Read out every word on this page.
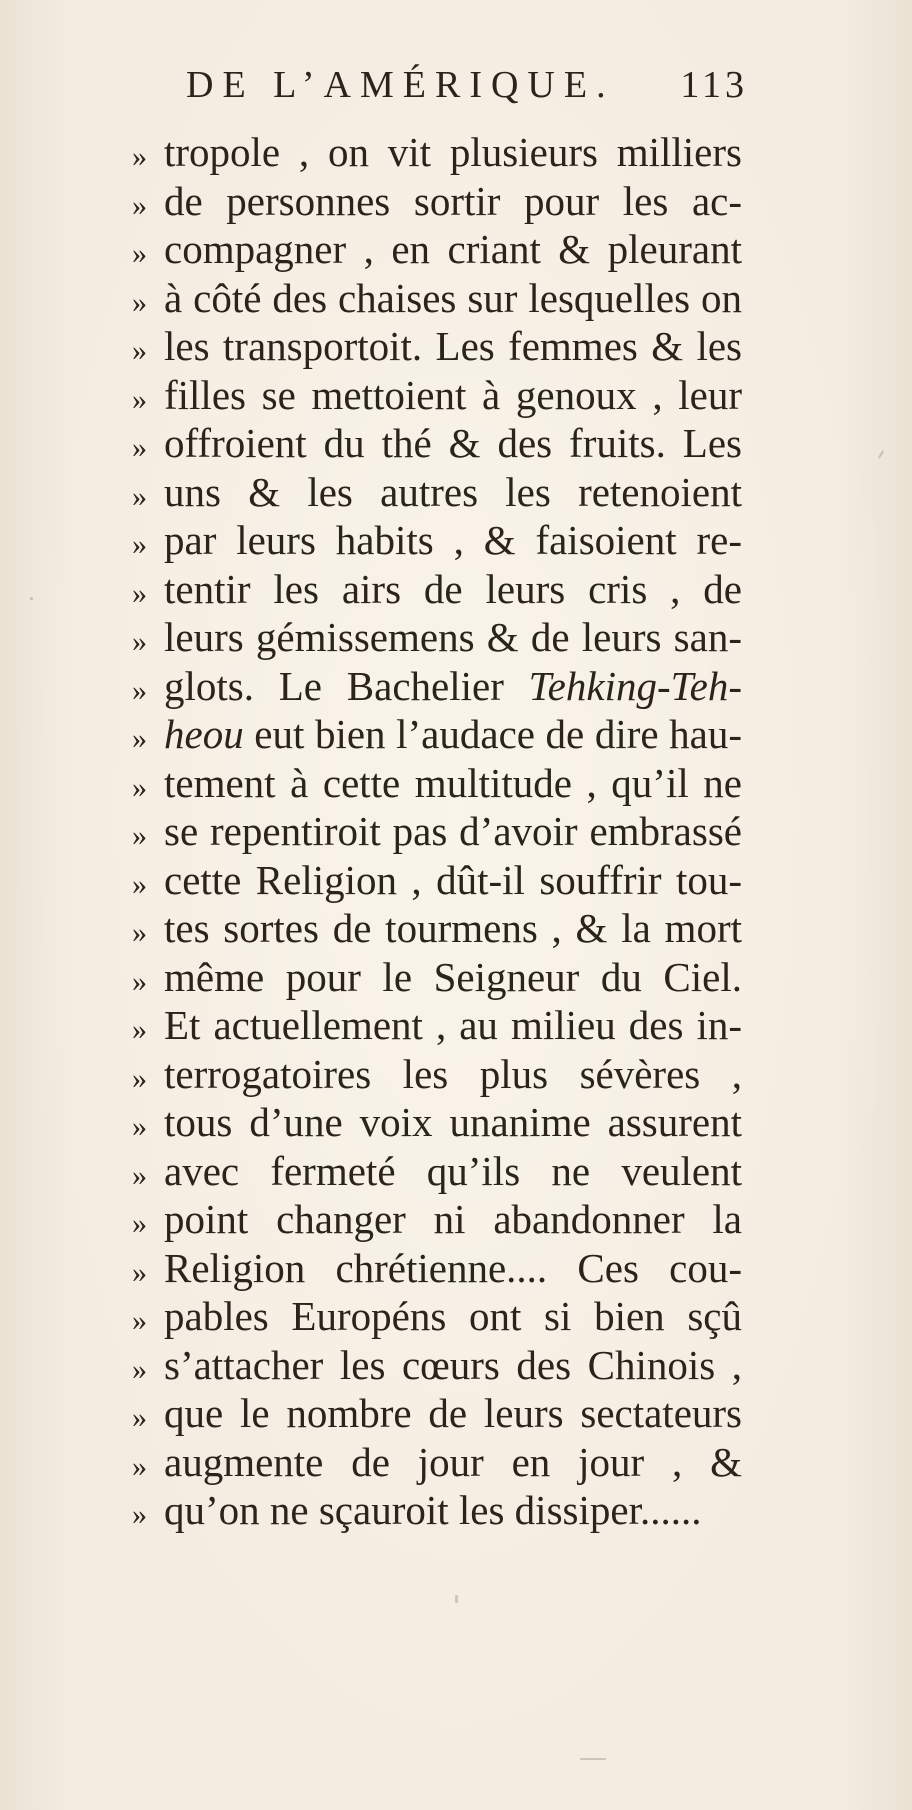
DE L’AMÉRIQUE. 113
» tropole , on vit plusieurs milliers
» de personnes sortir pour les ac-
» compagner , en criant & pleurant
» à côté des chaises sur lesquelles on
» les transportoit. Les femmes & les
» filles se mettoient à genoux , leur
» offroient du thé & des fruits. Les
» uns & les autres les retenoient
» par leurs habits , & faisoient re-
» tentir les airs de leurs cris , de
» leurs gémissemens & de leurs san-
» glots. Le Bachelier Tehking-Teh-
» heou eut bien l’audace de dire hau-
» tement à cette multitude , qu’il ne
» se repentiroit pas d’avoir embrassé
» cette Religion , dût-il souffrir tou-
» tes sortes de tourmens , & la mort
» même pour le Seigneur du Ciel.
» Et actuellement , au milieu des in-
» terrogatoires les plus sévères ,
» tous d’une voix unanime assurent
» avec fermeté qu’ils ne veulent
» point changer ni abandonner la
» Religion chrétienne.... Ces cou-
» pables Européns ont si bien sçû
» s’attacher les cœurs des Chinois ,
» que le nombre de leurs sectateurs
» augmente de jour en jour , &
» qu’on ne sçauroit les dissiper......
